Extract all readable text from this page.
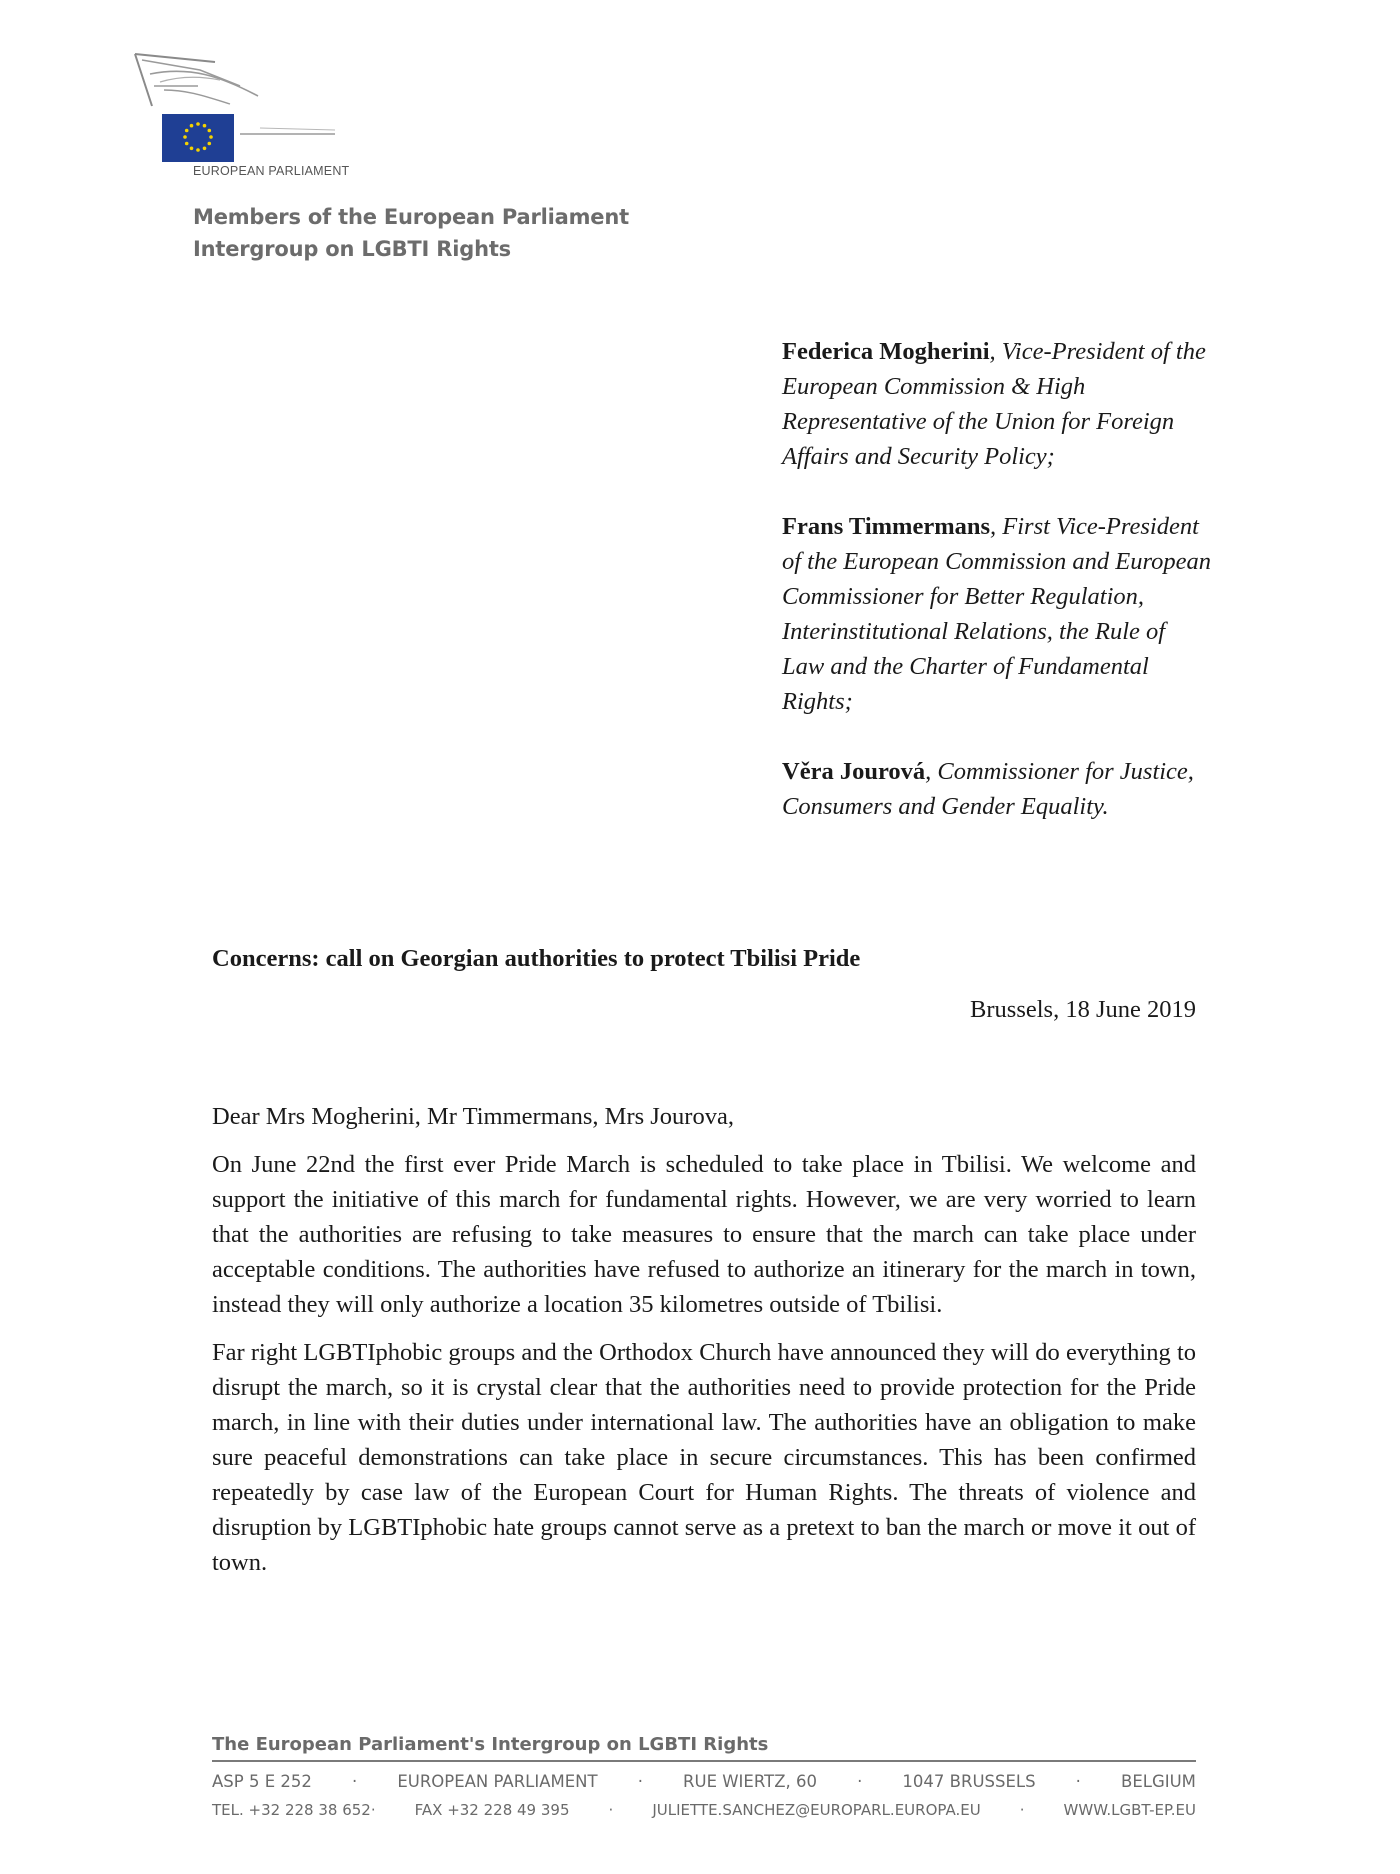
EUROPEAN PARLIAMENT
Members of the European Parliament
Intergroup on LGBTI Rights
Federica Mogherini, Vice-President of the European Commission & High Representative of the Union for Foreign Affairs and Security Policy;
Frans Timmermans, First Vice-President of the European Commission and European Commissioner for Better Regulation, Interinstitutional Relations, the Rule of Law and the Charter of Fundamental Rights;
Věra Jourová, Commissioner for Justice, Consumers and Gender Equality.
Concerns: call on Georgian authorities to protect Tbilisi Pride
Brussels, 18 June 2019

Dear Mrs Mogherini, Mr Timmermans, Mrs Jourova,

On June 22nd the first ever Pride March is scheduled to take place in Tbilisi. We welcome and support the initiative of this march for fundamental rights. However, we are very worried to learn that the authorities are refusing to take measures to ensure that the march can take place under acceptable conditions. The authorities have refused to authorize an itinerary for the march in town, instead they will only authorize a location 35 kilometres outside of Tbilisi.

Far right LGBTIphobic groups and the Orthodox Church have announced they will do everything to disrupt the march, so it is crystal clear that the authorities need to provide protection for the Pride march, in line with their duties under international law. The authorities have an obligation to make sure peaceful demonstrations can take place in secure circumstances. This has been confirmed repeatedly by case law of the European Court for Human Rights. The threats of violence and disruption by LGBTIphobic hate groups cannot serve as a pretext to ban the march or move it out of town.

The European Parliament's Intergroup on LGBTI Rights
ASP 5 E 252 · EUROPEAN PARLIAMENT · RUE WIERTZ, 60 · 1047 BRUSSELS · BELGIUM
TEL. +32 228 38 652·	FAX +32 228 49 395	·	JULIETTE.SANCHEZ@EUROPARL.EUROPA.EU	·	WWW.LGBT-EP.EU
